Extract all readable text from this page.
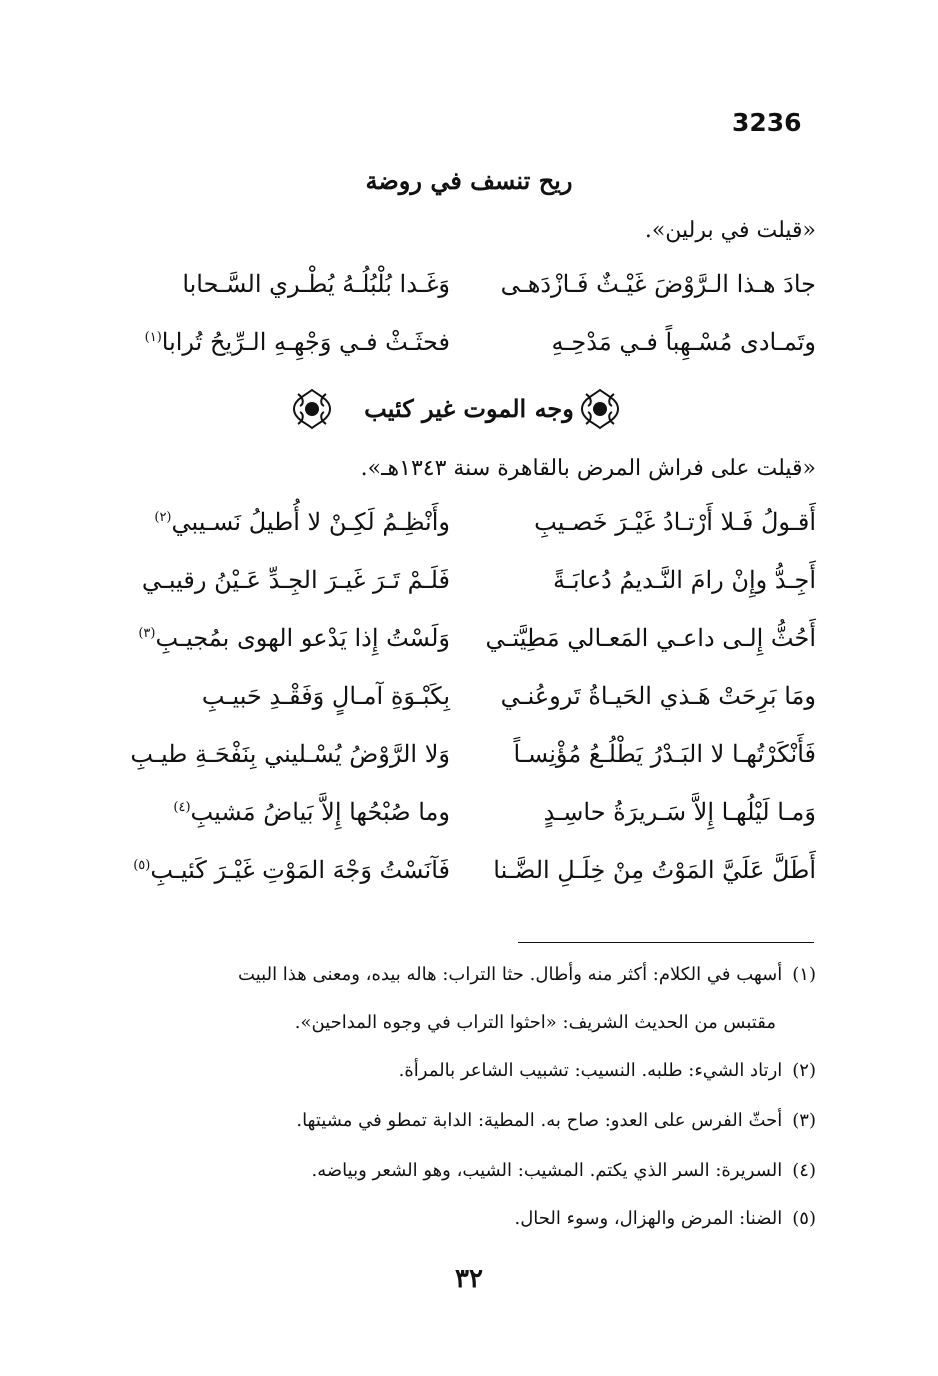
3236
ريح تنسف في روضة
«قيلت في برلين».
جادَ هـذا الـرَّوْضَ غَيْـثٌ فَـازْدَهـى
وَغَـدا بُلْبُلُـهُ يُطْـري السَّـحابا
وتَمـادى مُسْـهِباً فـي مَدْحِـهِ
فحثَـثْ فـي وَجْهِـهِ الـرِّيحُ تُرابا$^{(١)}$
وجه الموت غير كئيب
«قيلت على فراش المرض بالقاهرة سنة ١٣٤٣هـ».
أَقـولُ فَـلا أَرْتـادُ غَيْـرَ خَصـيبِ
وأَنْظِـمُ لَكِـنْ لا أُطيلُ نَسـيبي$^{(٢)}$
أَجِـدُّ وإِنْ رامَ النَّـديمُ دُعابَـةً
فَلَـمْ تَـرَ غَيـرَ الجِـدِّ عَـيْنُ رقيبـي
أَحُثُّ إِلـى داعـي المَعـالي مَطِيَّتـي
وَلَسْتُ إِذا يَدْعو الهوى بمُجيـبِ$^{(٣)}$
ومَا بَرِحَتْ هَـذي الحَيـاةُ تَروعُنـي
بِكَبْـوَةِ آمـالٍ وَفَقْـدِ حَبيـبِ
فَأَنْكَرْتُهـا لا البَـدْرُ يَطْلُـعُ مُؤْنِسـاً
وَلا الرَّوْضُ يُسْـليني بِنَفْحَـةِ طيـبِ
وَمـا لَيْلُهـا إِلاَّ سَـريرَةُ حاسِـدٍ
وما صُبْحُها إِلاَّ بَياضُ مَشيبِ$^{(٤)}$
أَطَلَّ عَلَيَّ المَوْتُ مِنْ خِلَـلِ الضَّـنا
فَآنَسْتُ وَجْهَ المَوْتِ غَيْـرَ كَئيـبِ$^{(٥)}$
(١)أسهب في الكلام: أكثر منه وأطال. حثا التراب: هاله بيده، ومعنى هذا البيت
مقتبس من الحديث الشريف: «احثوا التراب في وجوه المداحين».
(٢)ارتاد الشيء: طلبه. النسيب: تشبيب الشاعر بالمرأة.
(٣)أحثّ الفرس على العدو: صاح به. المطية: الدابة تمطو في مشيتها.
(٤)السريرة: السر الذي يكتم. المشيب: الشيب، وهو الشعر وبياضه.
(٥)الضنا: المرض والهزال، وسوء الحال.
٣٢
